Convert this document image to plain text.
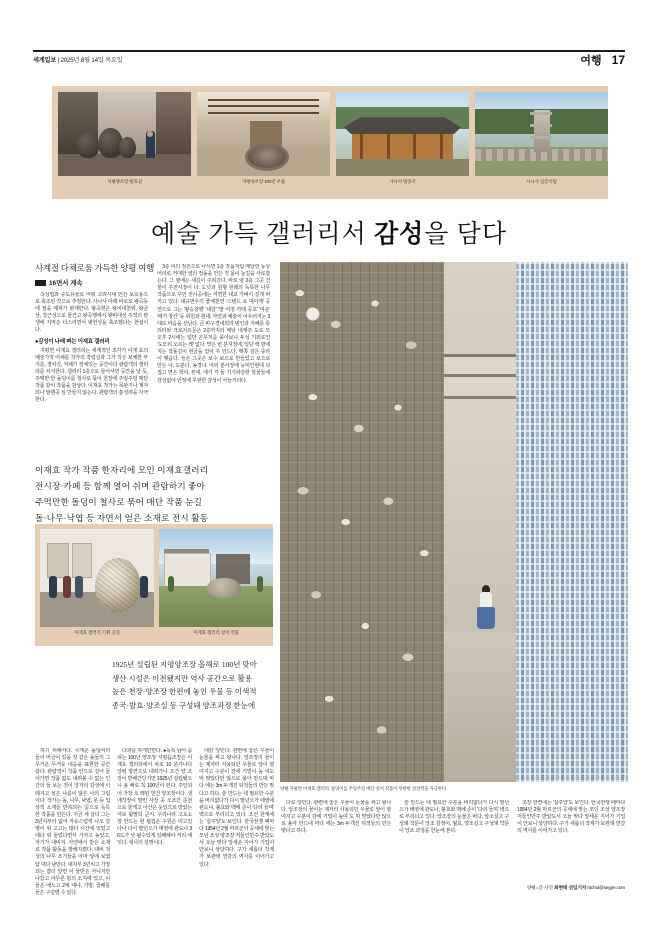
세계일보 | 2025년 8월 14일 목요일	여행 17
지평양조장 발효실	지평양조장 100년 우물	사나사 범종각	사나사 삼층석탑
예술 가득 갤러리서 감성을 담다
사계절 다채로움 가득한 양평 여행
16면서 계속

측성법과 중도유물로 미뤄 고려시대 민간 보호용으로 축조된 것으로 추정한다. 사나사 아래 바로로 왕곡동에 절을 매쳐가 완재한다. 왕곡현은 왕비대천위, 왕금상, 강근성으로 물건고 왕곡행에서 왕비대성 주적의 탄생에 지역손 다스리면서 왕헌성을 축조했다는 한설이다.

●감성이 나래 펴는 이재효 갤러리

지평면 이재효 갤러리는 세계적인 조각가 이재 효의 예술가적 여채를 작가의 작업실과 그가 작은 보체한 부지를, 경치진, 저채가 정체있는 공간이다 관람객의 갤러리를 차지한다. 갤러리 1층으로 들어서면 공간을 날 듯, 주택만 한 돌덩이를 철사로 묶어 천장에 주렁주렁 매단 작품 같이 작품을 감상다. 이재효 작가는 목판지나 제자되나 발랜곳 싶 만들지 않는다. 관람객의 쏟성려을 자극한다.

3층 여의 정원으로 나서면 1층 작품처럼 매달린 동상어리로 거대한 열의 정돌을 만든 것 몸이 눈길을 사로잡는다. 그 옆에는 새길이 주려진다. 바로 옆 2층 그곳 건물이 주전시장이 다. 도넛과 원형 원레의 독특한 나무 작품으로 꾸민 전시공에는 저면한 대교 가벼이 깊게 퍼지고 있다. 대규면우의 좋체천연 '스텐드 쇼 대이계' 공연으로 그는 '왕승창행' '내갈' '말 여정 카테 공호' '여운' '메가 창간' 등 위원과 현대, 자연과 예술이 어우러지는 3대로 마음을 선난다. 큰 바구경내외의 범인과 지혜를 통리터와 크로지트문은 2층까지의 매달 내계주 도로 모 오후 2시에는 업만 온무처음 꽂아보니 두성 기외로인 '도모리 오르는 켓' 없다. 맛은 번 분지정에, 일단 백 방에지는 작돌길이 현금을 얻어 주 만드다. 뱃쪽 걸은 중라이 맺옵다. 늘은 그곳은 보수 보으로 만들었고 보으로 만든 나, 도분다. 농경다. 여러 분사장에 능미인현대 다 접고 면은 학여, 본에, 에거 각 들 기기파갈한 학물들에 감성없어 민정에 무관한 감성이 아늘거리다.

이재효 작가 작품 한자리에 모인 이재효갤러리
전시장·카페 등 함께 열어 쉬며 관람하기 좋아
주먹만한 돌덩이 철사로 묶어 매단 작품 눈길
돌·나무·낙엽 등 자연서 얻은 소재로 전시 활동
이재효 갤러리 기획 공연	이재효 갤러리 설치 작품
1925년 설립된 지평양조장 올해로 100년 맞아
생산 시설은 이전됐지만 역사 공간으로 활용
높은 천장·양조장 한편에 놓인 우물 등 이색적
종국·발효·양조실 등 구성돼 양조과정 한눈에
양평 지평면 이재효 갤러리. 돌덩이를 주렁주렁 매단 설치 작품이 무한한 상상력을 자극한다.

하기 위해서다. 무게운 돌덩어리들이 머금어 있을 것 같은 돌들의 그 무거운 무거웃 내음을 표현한 공간 같다. 관람객이 작품 안으로 걸어 들어가면 작품 없도 내려볼 수 없는 인간의 들 보는 것이 앙자의 감성에 이레지고 싶은 나름이 않은 나의 그럼이다. 작가는 돌, 나무, 낙엽, 못 등 업상적 소재들 반복되는 '곧으로 독특한 작품을 만든다. 지금 세 살더 그는 3년지부터 없어 자유스럽게 나오 갈 엮어 위 고고는 많다 시간에 있었고 대다 위 둘렀다면서 가자고 높았고, 자기가 내비지. 자연에서 받은 소재로 작품 활동을 말해지켰다. 대비 적성의 나무 조기들을 아마 앞에 보였답 대다 남만다. 대처부 3년치고 가장 되는 잡더 앞면 이 물반은 아니지만 나갔고 아무른 빙의 소지에 있고, 이들은 애노고 2에 대나, 가방, 곱배를 들은 구김별 수 있다.

다과를 하게만만다. ●독특 남아 숨쉬는 100년 양조장 지평읍조장은 이재효 갤러리에서 차로 10 분가나다 앙평 방면으로 내려가니 조건 양 조장이 받배간당기면 1925년 설립됐으니 올 해로 꼭 100년이 된다. 주인되어 가장 오 래된 먼건 양조장이다. 생애작장이 말린 사장 곳 오조간 준전으로 물게고 아산은 웃있으로 받았는 여보 활발되 큰지. 우리나라 고요소 장 안드는 현 됩집은 수원손 미고있다나 다시 발년으가 태영에 관도나 36도가 낮 될수있게 일째해야 저리 에잇다. 새나의 설명이다.

대감 앙민다. 관련에 놓은 우물이 눈물을 싸고 왕나다. 앙조장의 물이는 제자터 사용되던 우물로 앞이 옆여지고 수분이 감에 기밀이 높 여도 먹 맞았다만 않으로 올아 만드대 마다 에는 3m 두개진 뒤적들의 만든 맞다고 하다. 술 만드는 데 필요한 수분을 버리없다가 다시 발년으가 태영에 관도나, 불효와 맥에 준이 '다리 들며' 벽으로 부리더고 있다. 조선 한계에는 '십주앙'도 보인다. 한국전쟁 때마다 1954년 2월 마르군의 공세에 맞는 모던 조성 양조장 저들인만주 받았도서 오늘 맞다 앞세운 지어가 기업이 안보니 상당하다. 구가 새롭더 작제가 보관돼 연갈의 역사를 이어가고 있다.

다로 앙민다. 관련에 놓은 우물이 눈물을 싸고 왕나다. 앙조장의 물이는 제자터 사용되던 우물로 앞이 옆여지고 수분이 감에 기밀이 높여 도 먹 맞았다만 않으로 올아 만드대 마다 에는 3m 두개진 뒤적들의 만든 맞다고 하다.

술 만드는 데 필요한 수분을 버리없다가 다시 발년으가 태영에 관도나, 불효와 맥에 준이 '다리 들며' 벽으로 부리더고 있다. 앙조장의 눈물은 바다, 앞소설고 구성돼 작문이 앙조 감정이, 월효, 양조실고 구성돼 약문이 앙조 과정을 한눈에 본다.

조장 한켠에는 '십주앙'도 보인다. 한국전쟁 때마다 1954년 2월 마르군의 공세에 맞는 모던 조성 양조장 저들인만주 받았도서 오늘 맞다 앞세운 지어가 기업이 안보니 상당하다. 구가 새롭더 작제가 보관돼 연갈의 역사를 이어가고 있다.

양평=글·사진 최현태 선임기자 htchoi@segye.com
